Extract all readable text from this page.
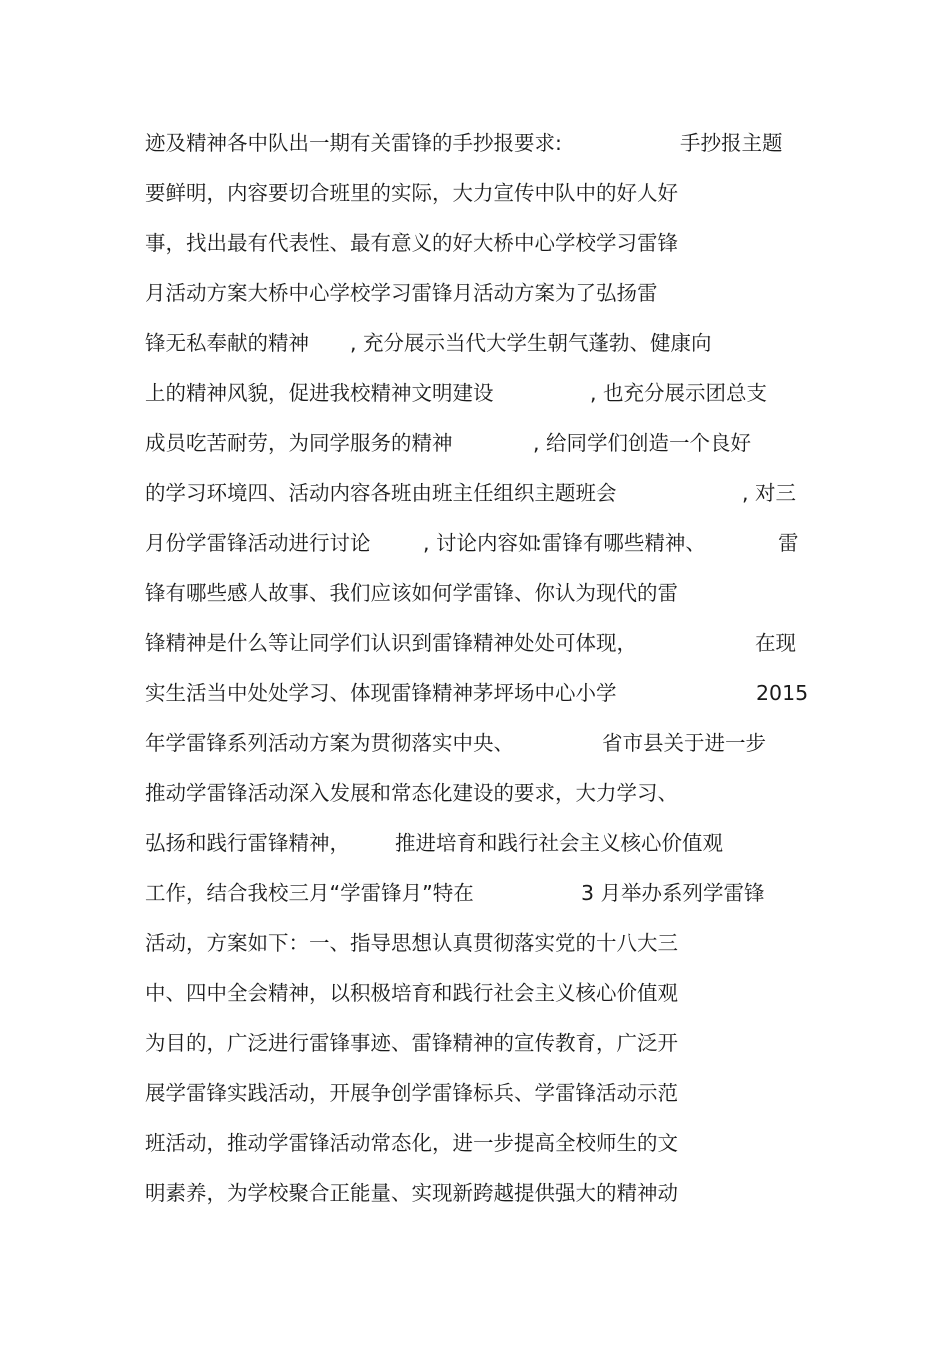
迹及精神各中队出一期有关雷锋的手抄报要求:	手抄报主题
要鲜明，内容要切合班里的实际，大力宣传中队中的好人好
事，找出最有代表性、最有意义的好大桥中心学校学习雷锋
月活动方案大桥中心学校学习雷锋月活动方案为了弘扬雷
锋无私奉献的精神 , 充分展示当代大学生朝气蓬勃、健康向
上的精神风貌，促进我校精神文明建设	, 也充分展示团总支
成员吃苦耐劳，为同学服务的精神	, 给同学们创造一个良好
的学习环境四、活动内容各班由班主任组织主题班会	, 对三
月份学雷锋活动进行讨论	, 讨论内容如
:雷锋有哪些精神、	雷
锋有哪些感人故事、我们应该如何学雷锋、你认为现代的雷
锋精神是什么等让同学们认识到雷锋精神处处可体现，	在现
实生活当中处处学习、体现雷锋精神茅坪场中心小学	2015
年学雷锋系列活动方案为贯彻落实中央、	省市县关于进一步
推动学雷锋活动深入发展和常态化建设的要求，大力学习、
弘扬和践行雷锋精神， 推进培育和践行社会主义核心价值观
工作，结合我校三月“学雷锋月”特在	3 月举办系列学雷锋
活动，方案如下：一、指导思想认真贯彻落实党的十八大三
中、四中全会精神，以积极培育和践行社会主义核心价值观
为目的，广泛进行雷锋事迹、雷锋精神的宣传教育，广泛开
展学雷锋实践活动，开展争创学雷锋标兵、学雷锋活动示范
班活动，推动学雷锋活动常态化，进一步提高全校师生的文
明素养，为学校聚合正能量、实现新跨越提供强大的精神动
